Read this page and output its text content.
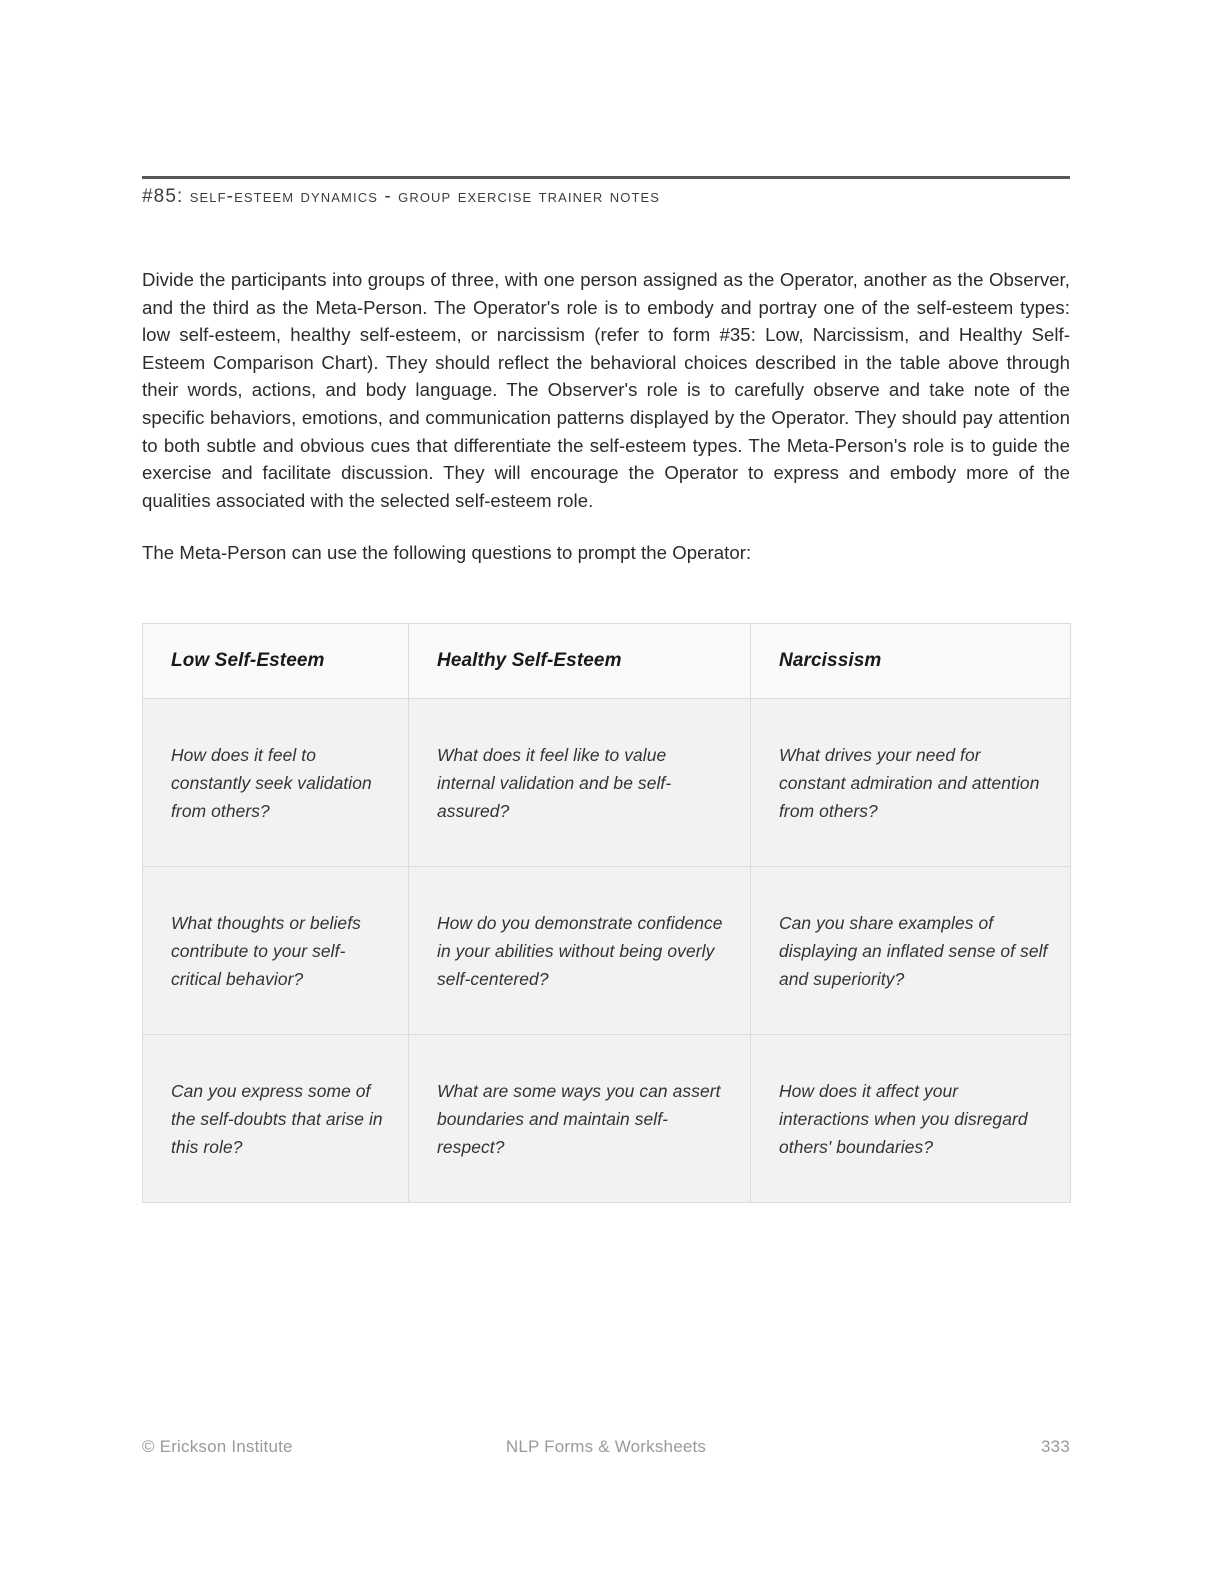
#85: self-esteem dynamics - group exercise trainer notes

Divide the participants into groups of three, with one person assigned as the Operator, another as the Observer, and the third as the Meta-Person. The Operator's role is to embody and portray one of the self-esteem types: low self-esteem, healthy self-esteem, or narcissism (refer to form #35: Low, Narcissism, and Healthy Self-Esteem Comparison Chart). They should reflect the behavioral choices described in the table above through their words, actions, and body language. The Observer's role is to carefully observe and take note of the specific behaviors, emotions, and communication patterns displayed by the Operator. They should pay attention to both subtle and obvious cues that differentiate the self-esteem types. The Meta-Person's role is to guide the exercise and facilitate discussion. They will encourage the Operator to express and embody more of the qualities associated with the selected self-esteem role.

The Meta-Person can use the following questions to prompt the Operator:

Low Self-Esteem	Healthy Self-Esteem	Narcissism

How does it feel to constantly seek validation from others?	What does it feel like to value internal validation and be self-assured?	What drives your need for constant admiration and attention from others?

What thoughts or beliefs contribute to your self-critical behavior?	How do you demonstrate confidence in your abilities without being overly self-centered?	Can you share examples of displaying an inflated sense of self and superiority?

Can you express some of the self-doubts that arise in this role?	What are some ways you can assert boundaries and maintain self-respect?	How does it affect your interactions when you disregard others' boundaries?
© Erickson Institute	NLP Forms & Worksheets	333
